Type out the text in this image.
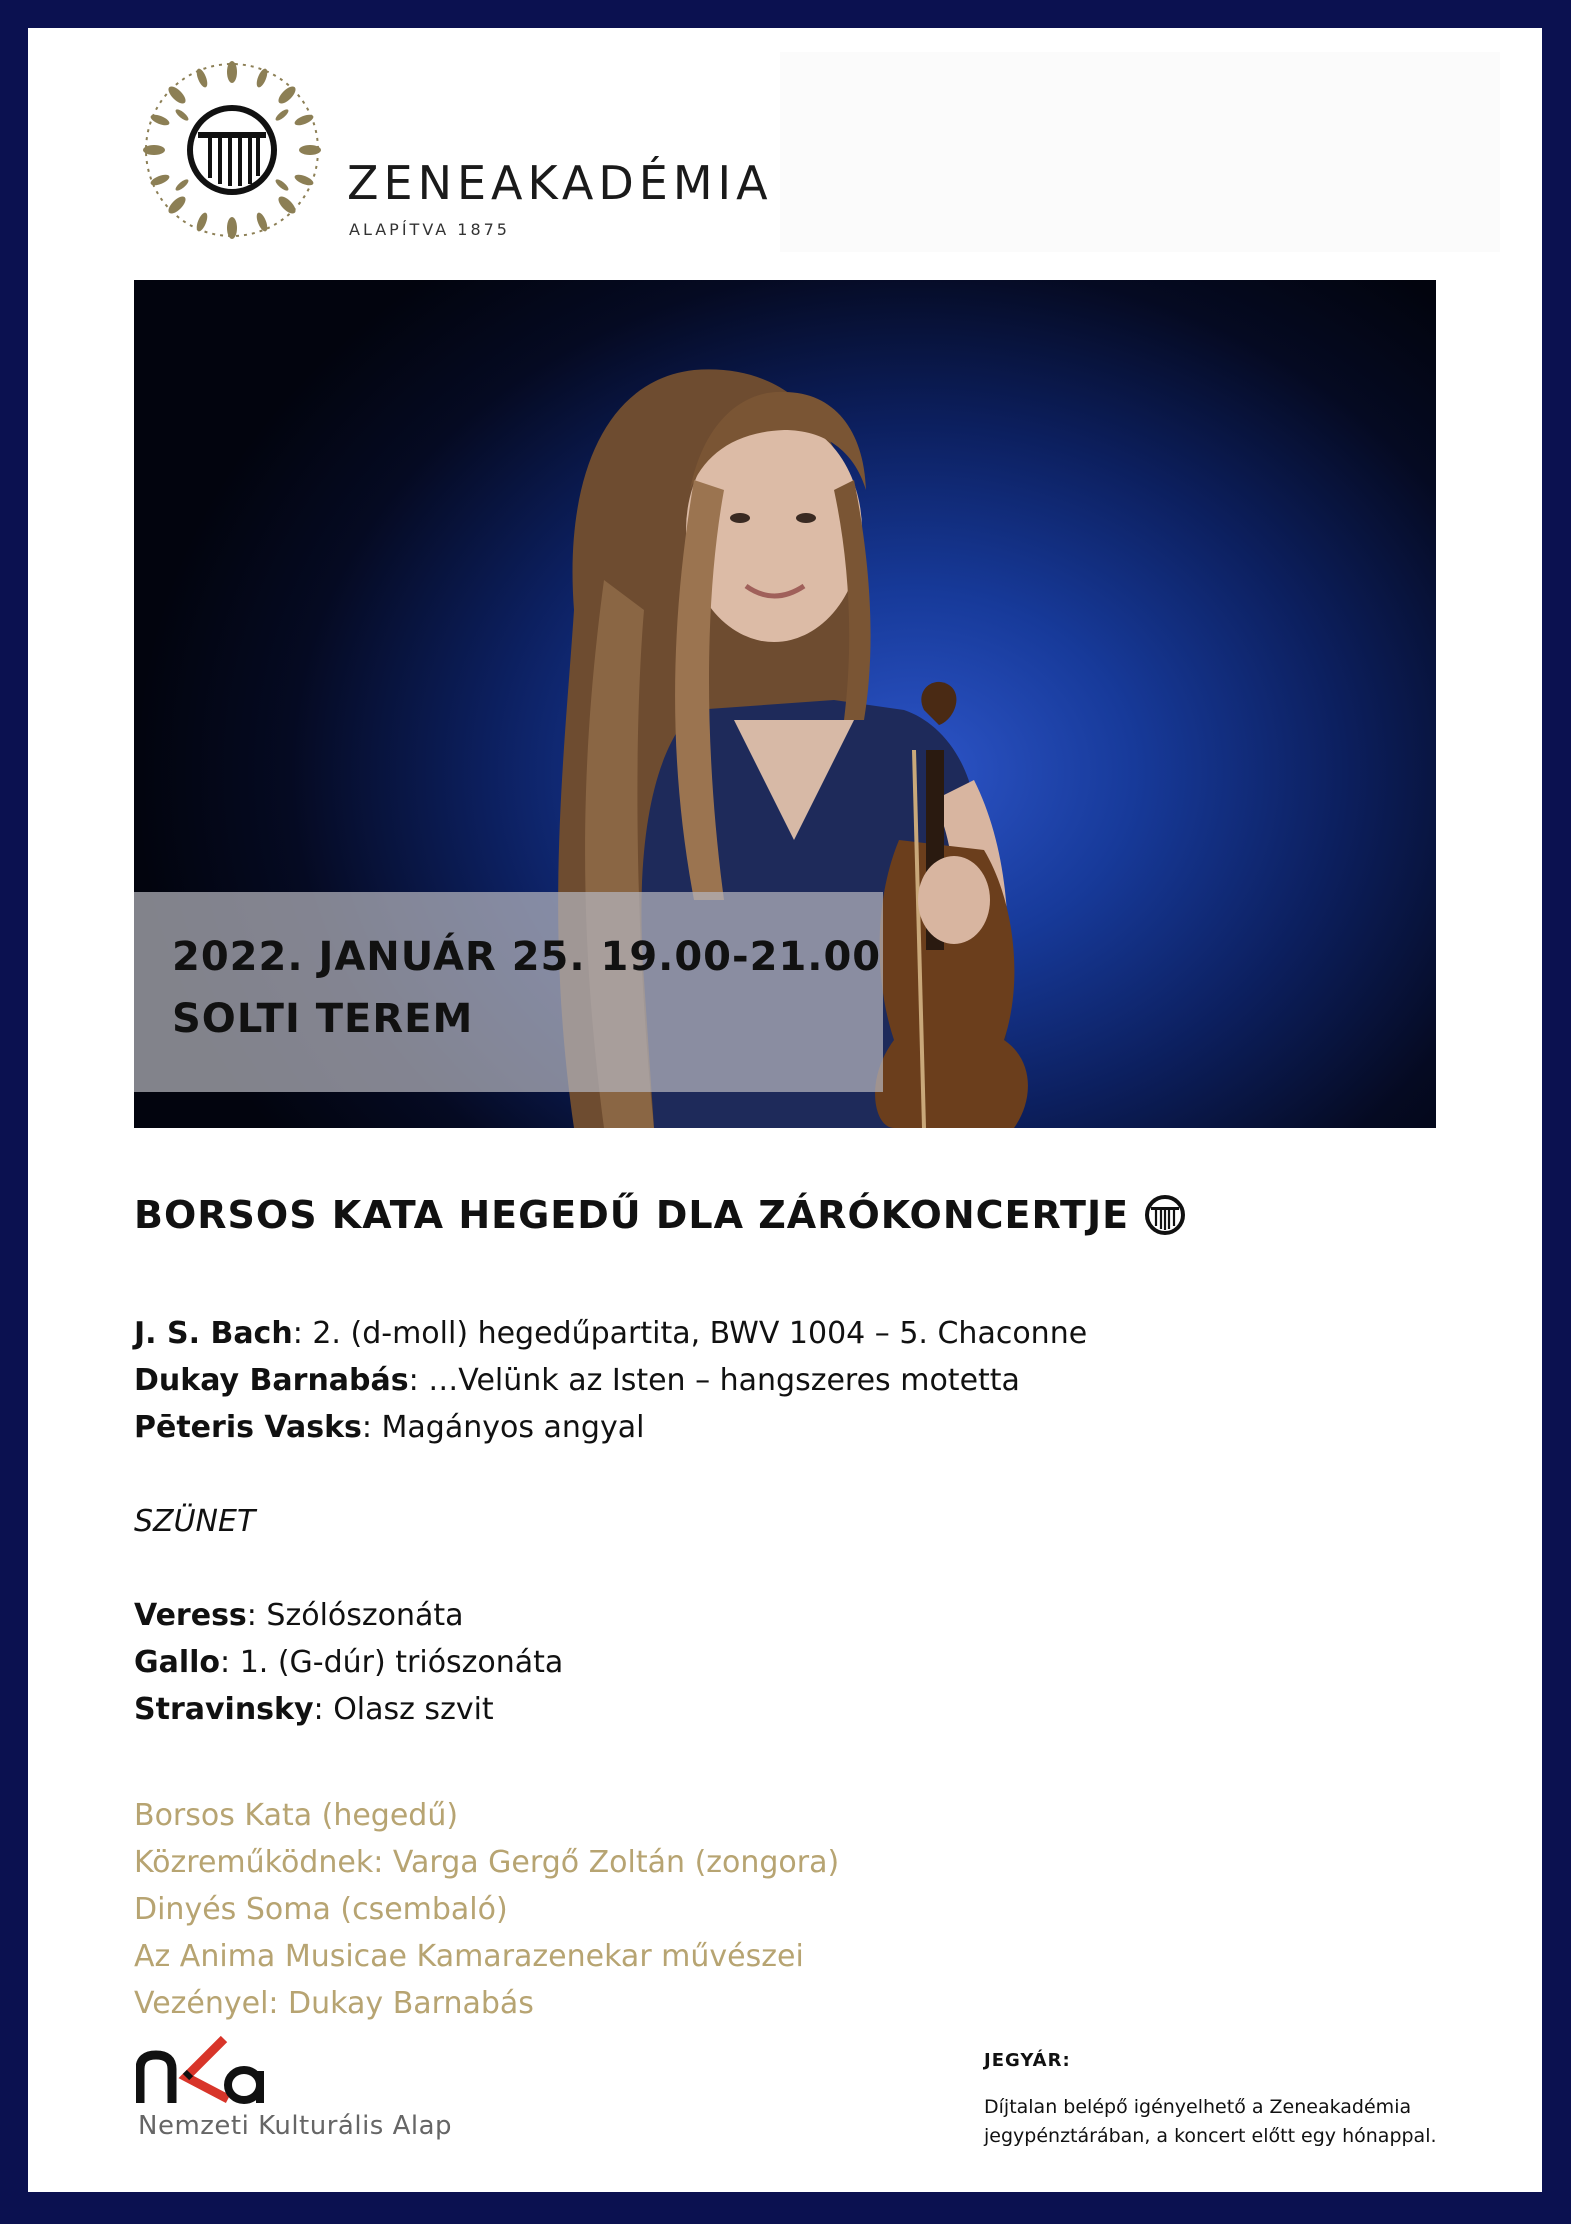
ZENEAKADÉMIA
ALAPÍTVA 1875
2022. JANUÁR 25. 19.00-21.00
SOLTI TEREM
BORSOS KATA HEGEDŰ DLA ZÁRÓKONCERTJE
J. S. Bach: 2. (d-moll) hegedűpartita, BWV 1004 – 5. Chaconne
Dukay Barnabás: …Velünk az Isten – hangszeres motetta
Pēteris Vasks: Magányos angyal
SZÜNET
Veress: Szólószonáta
Gallo: 1. (G-dúr) triószonáta
Stravinsky: Olasz szvit
Borsos Kata (hegedű)
Közreműködnek: Varga Gergő Zoltán (zongora)
Dinyés Soma (csembaló)
Az Anima Musicae Kamarazenekar művészei
Vezényel: Dukay Barnabás
Nemzeti Kulturális Alap
JEGYÁR:
Díjtalan belépő igényelhető a Zeneakadémia
jegypénztárában, a koncert előtt egy hónappal.
